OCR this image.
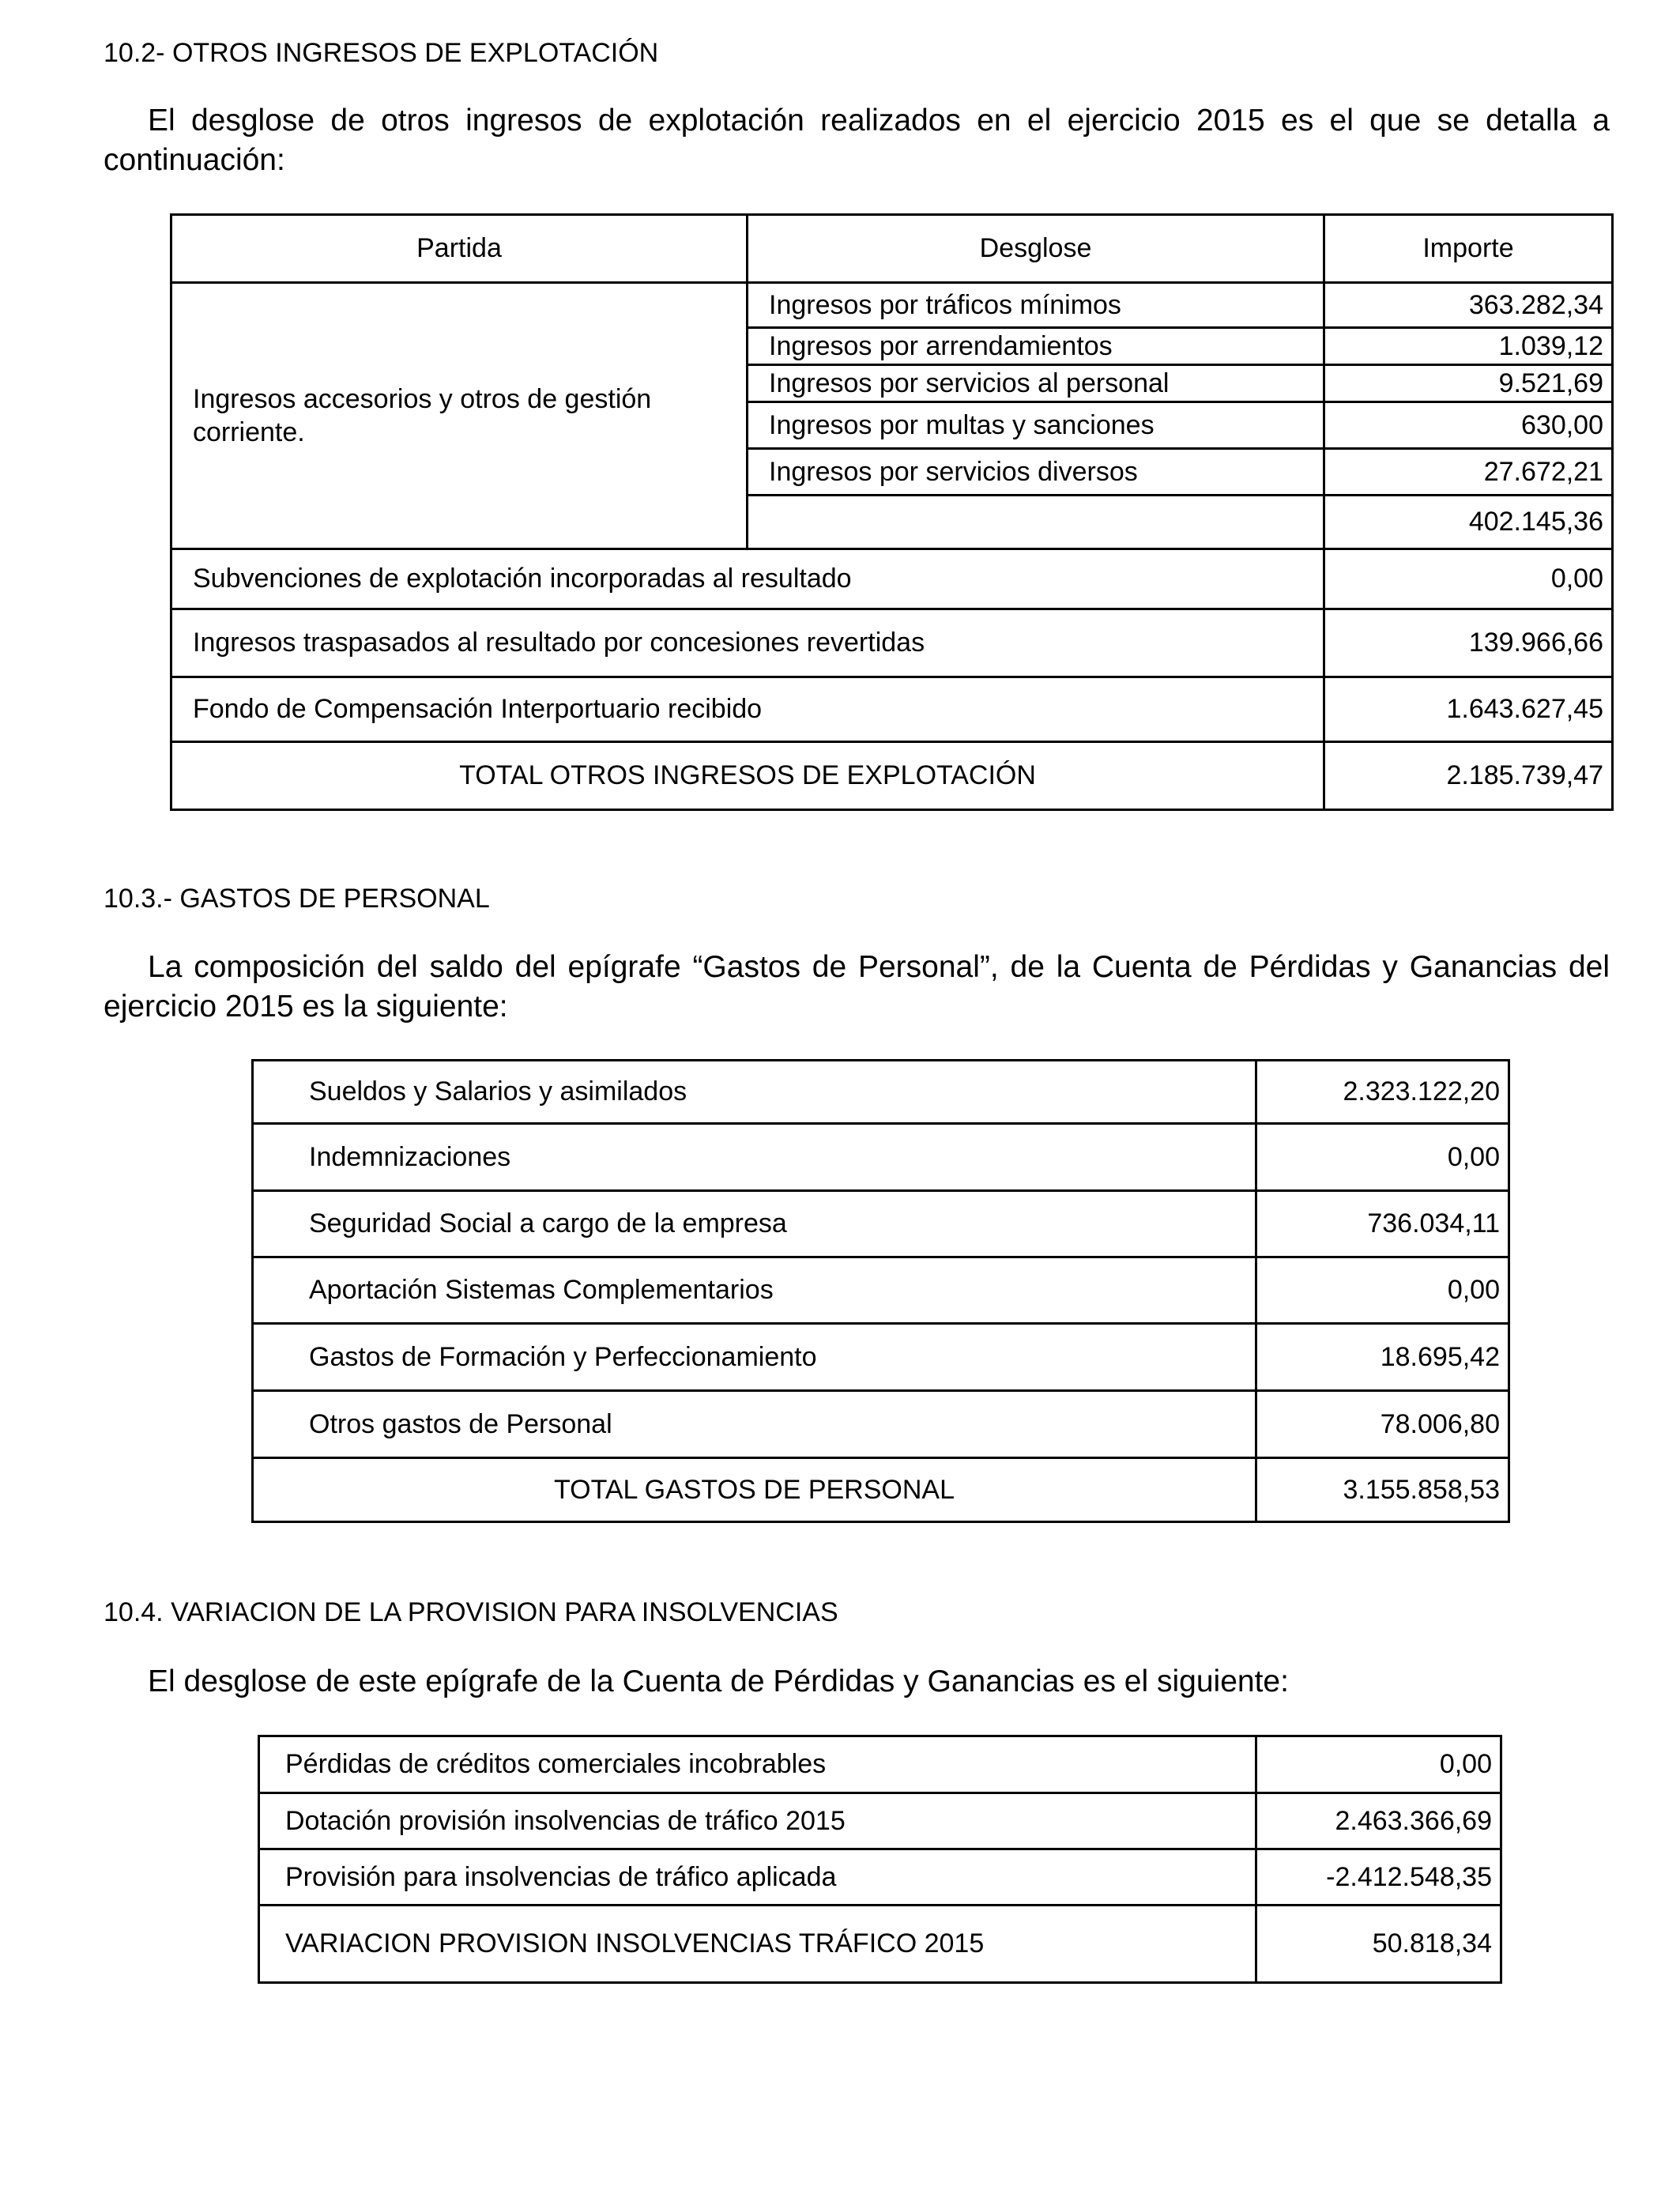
10.2- OTROS INGRESOS DE EXPLOTACIÓN
El desglose de otros ingresos de explotación realizados en el ejercicio 2015 es el que se detalla a continuación:
Partida	Desglose	Importe
Ingresos accesorios y otros de gestión corriente.	Ingresos por tráficos mínimos	363.282,34
	Ingresos por arrendamientos	1.039,12
	Ingresos por servicios al personal	9.521,69
	Ingresos por multas y sanciones	630,00
	Ingresos por servicios diversos	27.672,21
		402.145,36
Subvenciones de explotación incorporadas al resultado		0,00
Ingresos traspasados al resultado por concesiones revertidas		139.966,66
Fondo de Compensación Interportuario recibido		1.643.627,45
TOTAL OTROS INGRESOS DE EXPLOTACIÓN		2.185.739,47
10.3.- GASTOS DE PERSONAL
La composición del saldo del epígrafe “Gastos de Personal”, de la Cuenta de Pérdidas y Ganancias del ejercicio 2015 es la siguiente:
Sueldos y Salarios y asimilados	2.323.122,20
Indemnizaciones	0,00
Seguridad Social a cargo de la empresa	736.034,11
Aportación Sistemas Complementarios	0,00
Gastos de Formación y Perfeccionamiento	18.695,42
Otros gastos de Personal	78.006,80
TOTAL GASTOS DE PERSONAL	3.155.858,53
10.4. VARIACION DE LA PROVISION PARA INSOLVENCIAS
El desglose de este epígrafe de la Cuenta de Pérdidas y Ganancias es el siguiente:
Pérdidas de créditos comerciales incobrables	0,00
Dotación provisión insolvencias de tráfico 2015	2.463.366,69
Provisión para insolvencias de tráfico aplicada	-2.412.548,35
VARIACION PROVISION INSOLVENCIAS TRÁFICO 2015	50.818,34
